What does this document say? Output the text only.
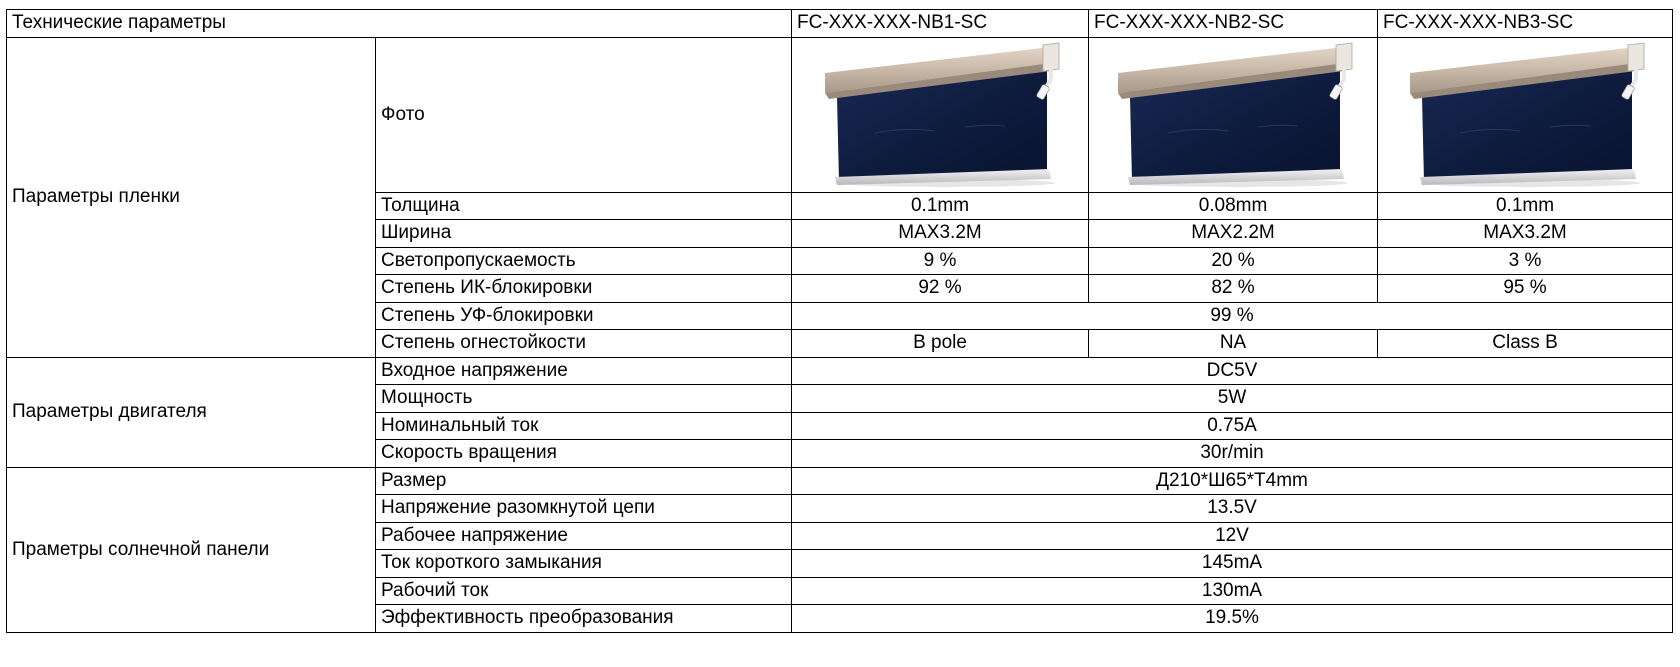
Технические параметры		FC-XXX-XXX-NB1-SC	FC-XXX-XXX-NB2-SC	FC-XXX-XXX-NB3-SC
Параметры пленки	Фото	

	Толщина	0.1mm	0.08mm	0.1mm
	Ширина	MAX3.2M	MAX2.2M	MAX3.2M
	Светопропускаемость	9 %	20 %	3 %
	Степень ИК-блокировки	92 %	82 %	95 %
	Степень УФ-блокировки	99 %		
	Степень огнестойкости	B pole	NA	Class B
Параметры двигателя	Входное напряжение	DC5V		
	Мощность	5W		
	Номинальный ток	0.75A		
	Скорость вращения	30r/min		
Праметры солнечной панели	Размер	Д210*Ш65*T4mm		
	Напряжение разомкнутой цепи	13.5V		
	Рабочее напряжение	12V		
	Ток короткого замыкания	145mA		
	Рабочий ток	130mA		
	Эффективность преобразования	19.5%		
